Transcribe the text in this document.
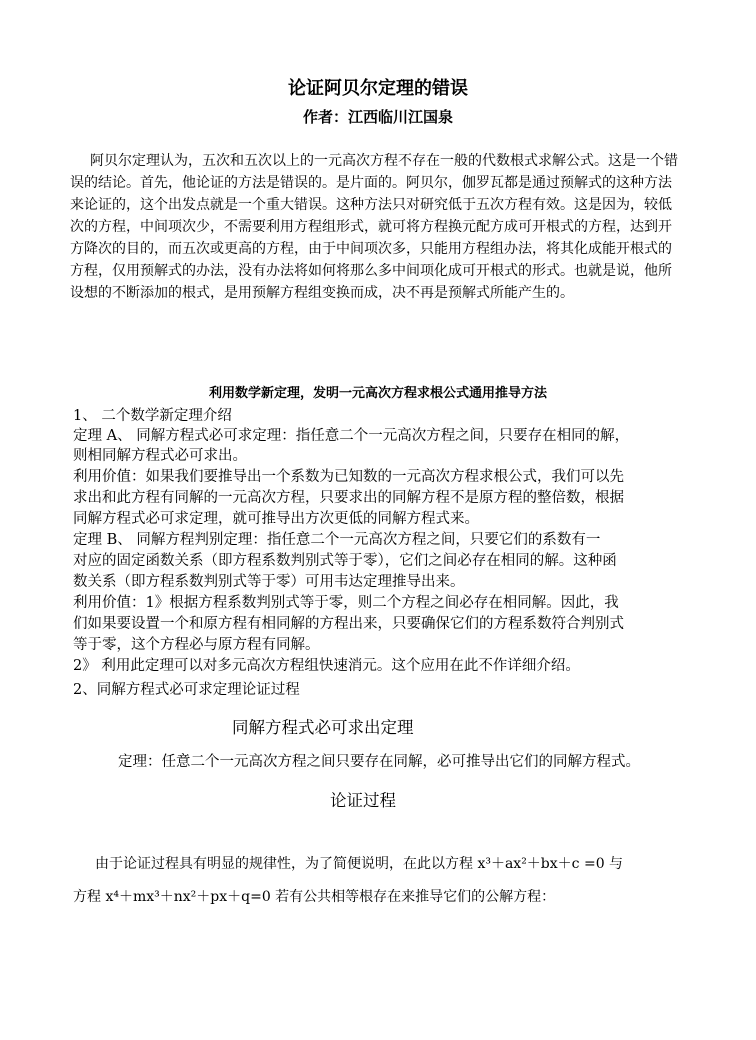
论证阿贝尔定理的错误
作者：江西临川江国泉
阿贝尔定理认为，五次和五次以上的一元高次方程不存在一般的代数根式求解公式。这是一个错
误的结论。首先，他论证的方法是错误的。是片面的。阿贝尔，伽罗瓦都是通过预解式的这种方法
来论证的，这个出发点就是一个重大错误。这种方法只对研究低于五次方程有效。这是因为，较低
次的方程，中间项次少，不需要利用方程组形式，就可将方程换元配方成可开根式的方程，达到开
方降次的目的，而五次或更高的方程，由于中间项次多，只能用方程组办法，将其化成能开根式的
方程，仅用预解式的办法，没有办法将如何将那么多中间项化成可开根式的形式。也就是说，他所
设想的不断添加的根式，是用预解方程组变换而成，决不再是预解式所能产生的。
利用数学新定理，发明一元高次方程求根公式通用推导方法
1、 二个数学新定理介绍
定理 A、 同解方程式必可求定理：指任意二个一元高次方程之间，只要存在相同的解，
则相同解方程式必可求出。
利用价值：如果我们要推导出一个系数为已知数的一元高次方程求根公式，我们可以先
求出和此方程有同解的一元高次方程，只要求出的同解方程不是原方程的整倍数，根据
同解方程式必可求定理，就可推导出方次更低的同解方程式来。
定理 B、 同解方程判别定理：指任意二个一元高次方程之间，只要它们的系数有一
对应的固定函数关系（即方程系数判别式等于零），它们之间必存在相同的解。这种函
数关系（即方程系数判别式等于零）可用韦达定理推导出来。
利用价值：1》根据方程系数判别式等于零，则二个方程之间必存在相同解。因此，我
们如果要设置一个和原方程有相同解的方程出来，只要确保它们的方程系数符合判别式
等于零，这个方程必与原方程有同解。
2》 利用此定理可以对多元高次方程组快速消元。这个应用在此不作详细介绍。
2、同解方程式必可求定理论证过程
同解方程式必可求出定理
定理：任意二个一元高次方程之间只要存在同解，必可推导出它们的同解方程式。
论证过程
由于论证过程具有明显的规律性，为了简便说明，在此以方程 x³＋ax²＋bx＋c =0 与
方程 x⁴＋mx³＋nx²＋px＋q=0 若有公共相等根存在来推导它们的公解方程：
